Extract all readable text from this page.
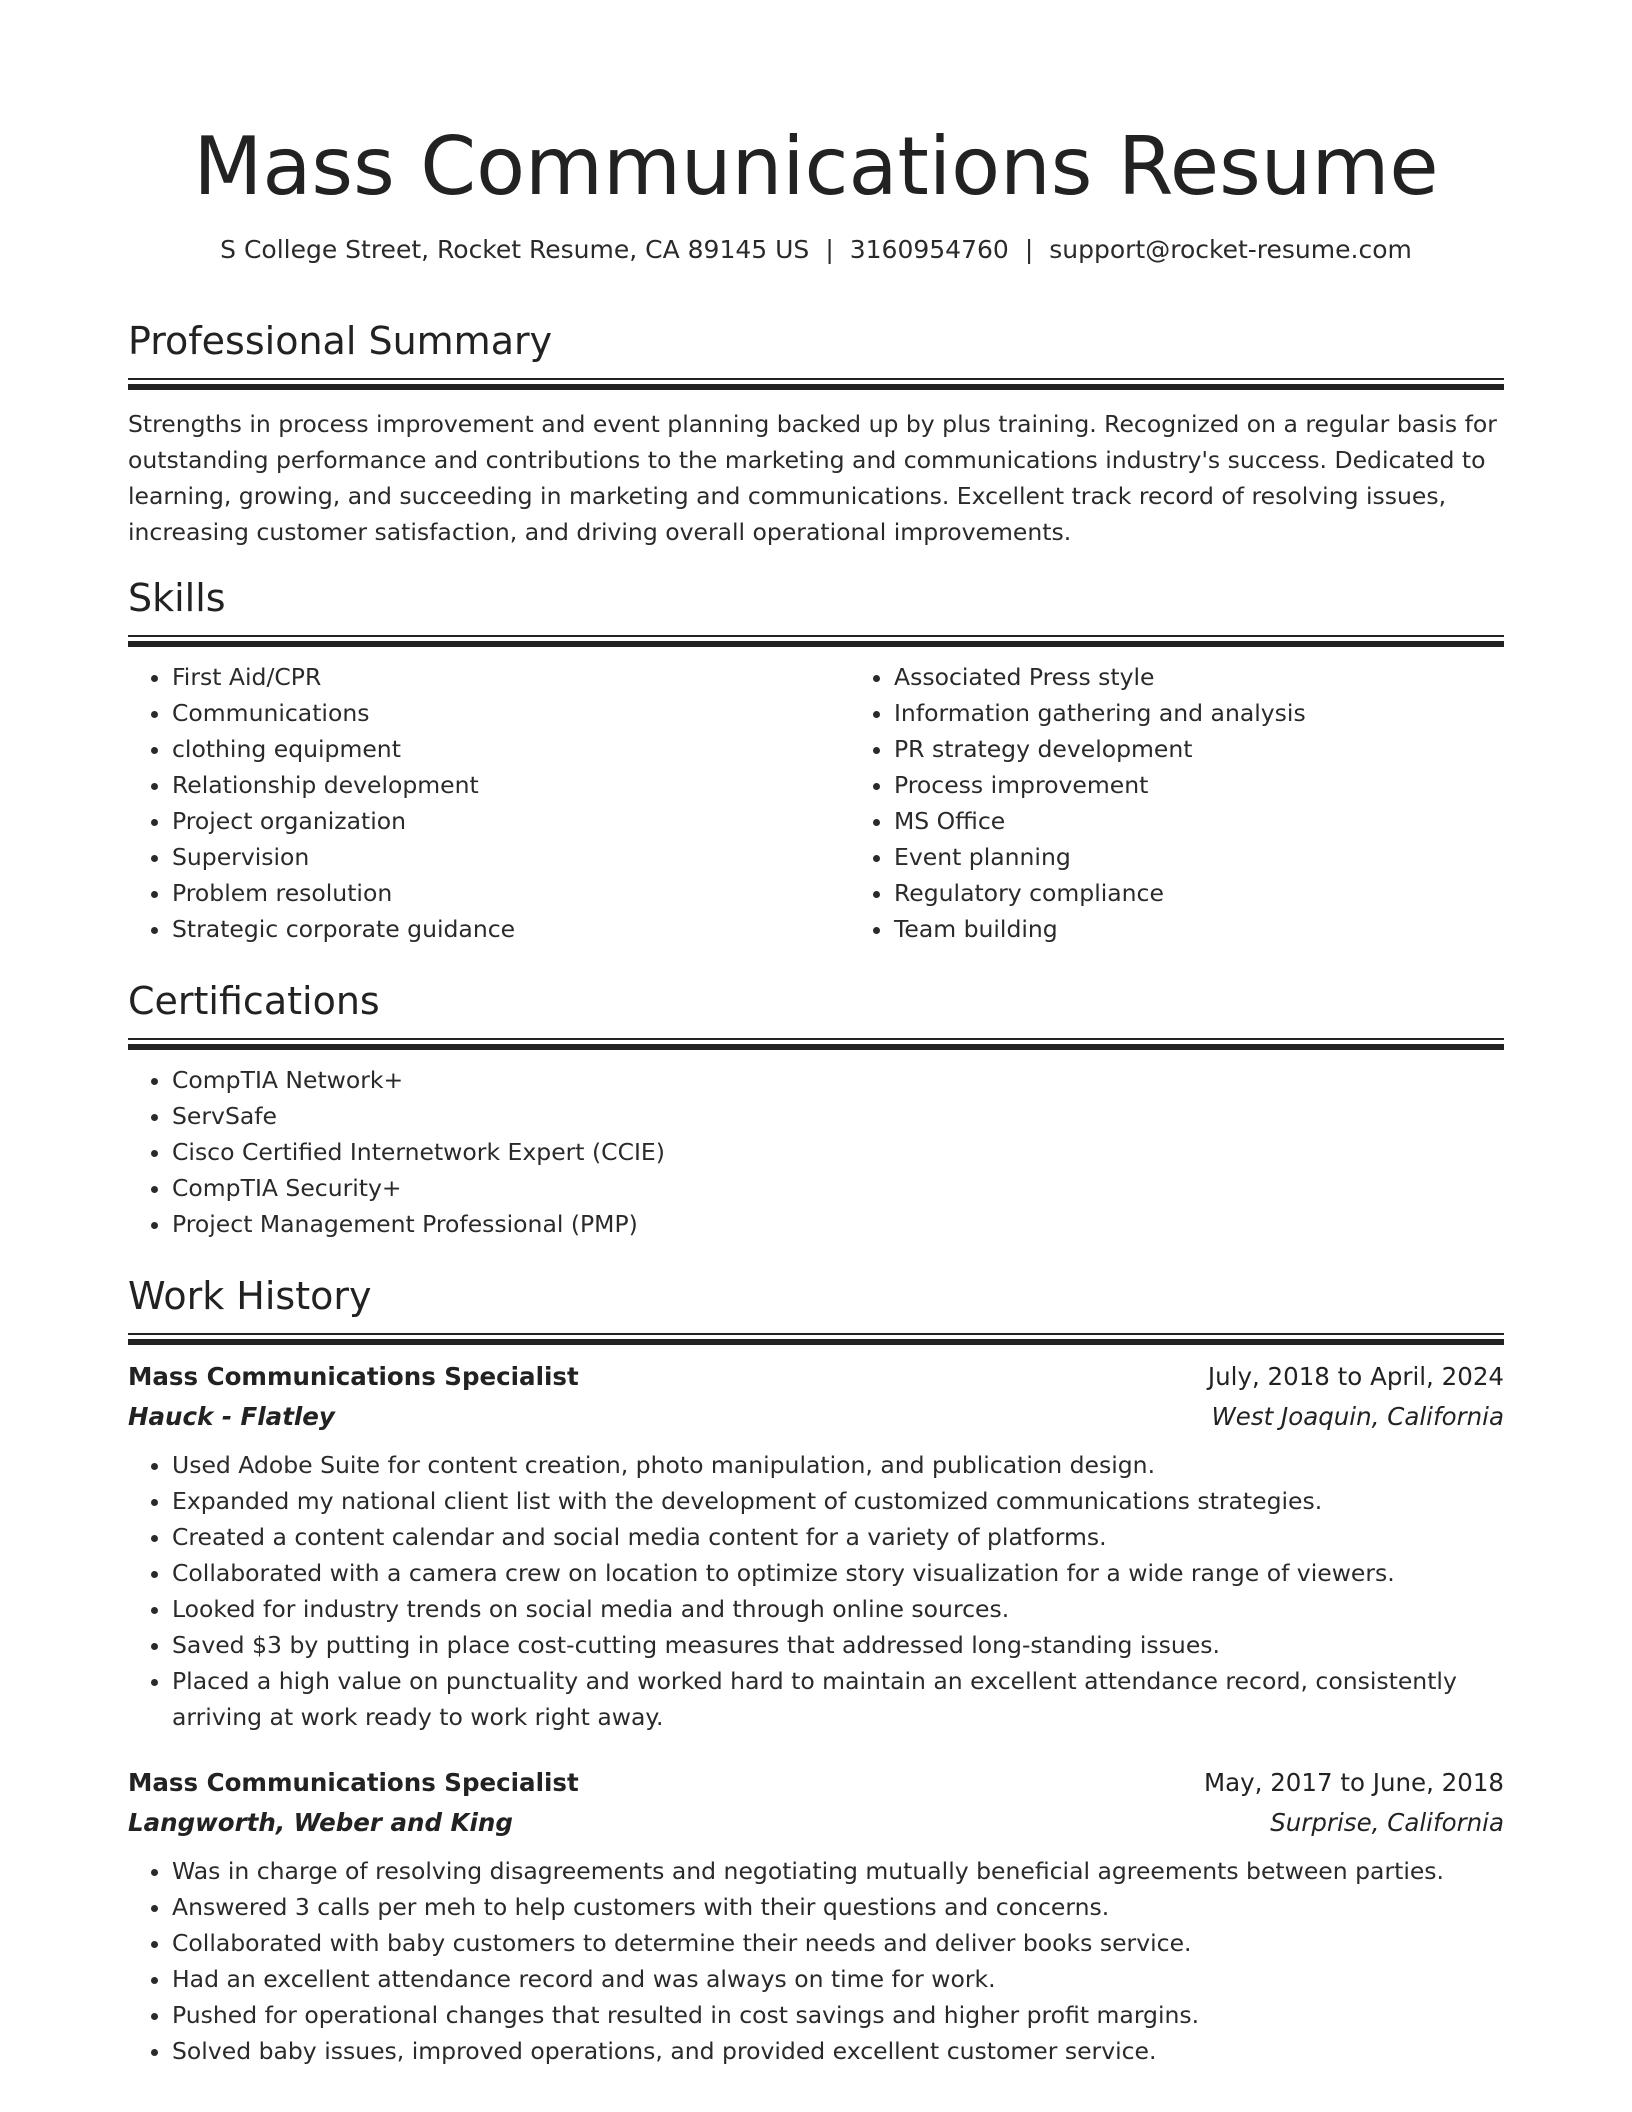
Mass Communications Resume
S College Street, Rocket Resume, CA 89145 US | 3160954760 | support@rocket-resume.com
Professional Summary

Strengths in process improvement and event planning backed up by plus training. Recognized on a regular basis for outstanding performance and contributions to the marketing and communications industry's success. Dedicated to learning, growing, and succeeding in marketing and communications. Excellent track record of resolving issues, increasing customer satisfaction, and driving overall operational improvements.

Skills
• First Aid/CPR
• Communications
• clothing equipment
• Relationship development
• Project organization
• Supervision
• Problem resolution
• Strategic corporate guidance
• Associated Press style
• Information gathering and analysis
• PR strategy development
• Process improvement
• MS Office
• Event planning
• Regulatory compliance
• Team building
Certifications
• CompTIA Network+
• ServSafe
• Cisco Certified Internetwork Expert (CCIE)
• CompTIA Security+
• Project Management Professional (PMP)
Work History
Mass Communications Specialist	July, 2018 to April, 2024
Hauck - Flatley	West Joaquin, California
• Used Adobe Suite for content creation, photo manipulation, and publication design.
• Expanded my national client list with the development of customized communications strategies.
• Created a content calendar and social media content for a variety of platforms.
• Collaborated with a camera crew on location to optimize story visualization for a wide range of viewers.
• Looked for industry trends on social media and through online sources.
• Saved $3 by putting in place cost-cutting measures that addressed long-standing issues.
• Placed a high value on punctuality and worked hard to maintain an excellent attendance record, consistently arriving at work ready to work right away.
Mass Communications Specialist	May, 2017 to June, 2018
Langworth, Weber and King	Surprise, California
• Was in charge of resolving disagreements and negotiating mutually beneficial agreements between parties.
• Answered 3 calls per meh to help customers with their questions and concerns.
• Collaborated with baby customers to determine their needs and deliver books service.
• Had an excellent attendance record and was always on time for work.
• Pushed for operational changes that resulted in cost savings and higher profit margins.
• Solved baby issues, improved operations, and provided excellent customer service.
